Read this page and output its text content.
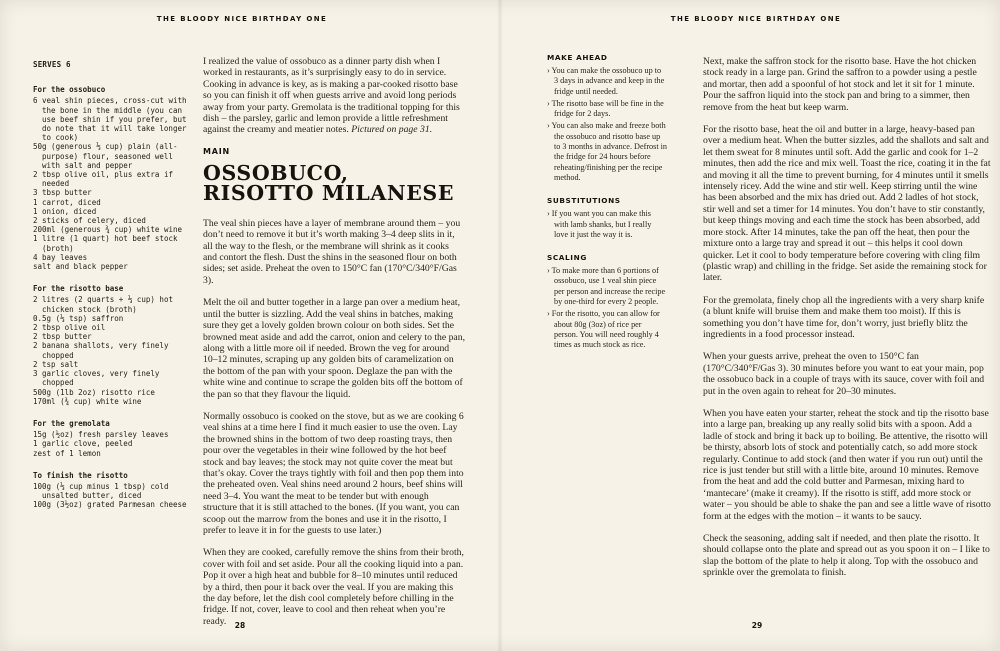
THE BLOODY NICE BIRTHDAY ONE
SERVES 6
For the ossobuco
6 veal shin pieces, cross-cut with the bone in the middle (you can use beef shin if you prefer, but do note that it will take longer to cook)
50g (generous ⅓ cup) plain (all-purpose) flour, seasoned well with salt and pepper
2 tbsp olive oil, plus extra if needed
3 tbsp butter
1 carrot, diced
1 onion, diced
2 sticks of celery, diced
200ml (generous ¾ cup) white wine
1 litre (1 quart) hot beef stock (broth)
4 bay leaves
salt and black pepper
For the risotto base
2 litres (2 quarts + ⅓ cup) hot chicken stock (broth)
0.5g (⅓ tsp) saffron
2 tbsp olive oil
2 tbsp butter
2 banana shallots, very finely chopped
2 tsp salt
3 garlic cloves, very finely chopped
500g (1lb 2oz) risotto rice
170ml (¾ cup) white wine
For the gremolata
15g (½oz) fresh parsley leaves
1 garlic clove, peeled
zest of 1 lemon
To finish the risotto
100g (⅓ cup minus 1 tbsp) cold unsalted butter, diced
100g (3½oz) grated Parmesan cheese

I realized the value of ossobuco as a dinner party dish when I worked in restaurants, as it’s surprisingly easy to do in service. Cooking in advance is key, as is making a par-cooked risotto base so you can finish it off when guests arrive and avoid long periods away from your party. Gremolata is the traditional topping for this dish – the parsley, garlic and lemon provide a little refreshment against the creamy and meatier notes. Pictured on page 31.

MAIN
OSSOBUCO, RISOTTO MILANESE

The veal shin pieces have a layer of membrane around them – you don’t need to remove it but it’s worth making 3–4 deep slits in it, all the way to the flesh, or the membrane will shrink as it cooks and contort the flesh. Dust the shins in the seasoned flour on both sides; set aside. Preheat the oven to 150°C fan (170°C/340°F/Gas 3).

Melt the oil and butter together in a large pan over a medium heat, until the butter is sizzling. Add the veal shins in batches, making sure they get a lovely golden brown colour on both sides. Set the browned meat aside and add the carrot, onion and celery to the pan, along with a little more oil if needed. Brown the veg for around 10–12 minutes, scraping up any golden bits of caramelization on the bottom of the pan with your spoon. Deglaze the pan with the white wine and continue to scrape the golden bits off the bottom of the pan so that they flavour the liquid.

Normally ossobuco is cooked on the stove, but as we are cooking 6 veal shins at a time here I find it much easier to use the oven. Lay the browned shins in the bottom of two deep roasting trays, then pour over the vegetables in their wine followed by the hot beef stock and bay leaves; the stock may not quite cover the meat but that’s okay. Cover the trays tightly with foil and then pop them into the preheated oven. Veal shins need around 2 hours, beef shins will need 3–4. You want the meat to be tender but with enough structure that it is still attached to the bones. (If you want, you can scoop out the marrow from the bones and use it in the risotto, I prefer to leave it in for the guests to use later.)

When they are cooked, carefully remove the shins from their broth, cover with foil and set aside. Pour all the cooking liquid into a pan. Pop it over a high heat and bubble for 8–10 minutes until reduced by a third, then pour it back over the veal. If you are making this the day before, let the dish cool completely before chilling in the fridge. If not, cover, leave to cool and then reheat when you’re ready.

MAKE AHEAD

› You can make the ossobuco up to 3 days in advance and keep in the fridge until needed.

› The risotto base will be fine in the fridge for 2 days.

› You can also make and freeze both the ossobuco and risotto base up to 3 months in advance. Defrost in the fridge for 24 hours before reheating/finishing per the recipe method.

SUBSTITUTIONS

› If you want you can make this with lamb shanks, but I really love it just the way it is.

SCALING

› To make more than 6 portions of ossobuco, use 1 veal shin piece per person and increase the recipe by one-third for every 2 people.

› For the risotto, you can allow for about 80g (3oz) of rice per person. You will need roughly 4 times as much stock as rice.

28
THE BLOODY NICE BIRTHDAY ONE

Next, make the saffron stock for the risotto base. Have the hot chicken stock ready in a large pan. Grind the saffron to a powder using a pestle and mortar, then add a spoonful of hot stock and let it sit for 1 minute. Pour the saffron liquid into the stock pan and bring to a simmer, then remove from the heat but keep warm.

For the risotto base, heat the oil and butter in a large, heavy-based pan over a medium heat. When the butter sizzles, add the shallots and salt and let them sweat for 8 minutes until soft. Add the garlic and cook for 1–2 minutes, then add the rice and mix well. Toast the rice, coating it in the fat and moving it all the time to prevent burning, for 4 minutes until it smells intensely ricey. Add the wine and stir well. Keep stirring until the wine has been absorbed and the mix has dried out. Add 2 ladles of hot stock, stir well and set a timer for 14 minutes. You don’t have to stir constantly, but keep things moving and each time the stock has been absorbed, add more stock. After 14 minutes, take the pan off the heat, then pour the mixture onto a large tray and spread it out – this helps it cool down quicker. Let it cool to body temperature before covering with cling film (plastic wrap) and chilling in the fridge. Set aside the remaining stock for later.

For the gremolata, finely chop all the ingredients with a very sharp knife (a blunt knife will bruise them and make them too moist). If this is something you don’t have time for, don’t worry, just briefly blitz the ingredients in a food processor instead.

When your guests arrive, preheat the oven to 150°C fan (170°C/340°F/Gas 3). 30 minutes before you want to eat your main, pop the ossobuco back in a couple of trays with its sauce, cover with foil and put in the oven again to reheat for 20–30 minutes.

When you have eaten your starter, reheat the stock and tip the risotto base into a large pan, breaking up any really solid bits with a spoon. Add a ladle of stock and bring it back up to boiling. Be attentive, the risotto will be thirsty, absorb lots of stock and potentially catch, so add more stock regularly. Continue to add stock (and then water if you run out) until the rice is just tender but still with a little bite, around 10 minutes. Remove from the heat and add the cold butter and Parmesan, mixing hard to ‘mantecare’ (make it creamy). If the risotto is stiff, add more stock or water – you should be able to shake the pan and see a little wave of risotto form at the edges with the motion – it wants to be saucy.

Check the seasoning, adding salt if needed, and then plate the risotto. It should collapse onto the plate and spread out as you spoon it on – I like to slap the bottom of the plate to help it along. Top with the ossobuco and sprinkle over the gremolata to finish.

29
